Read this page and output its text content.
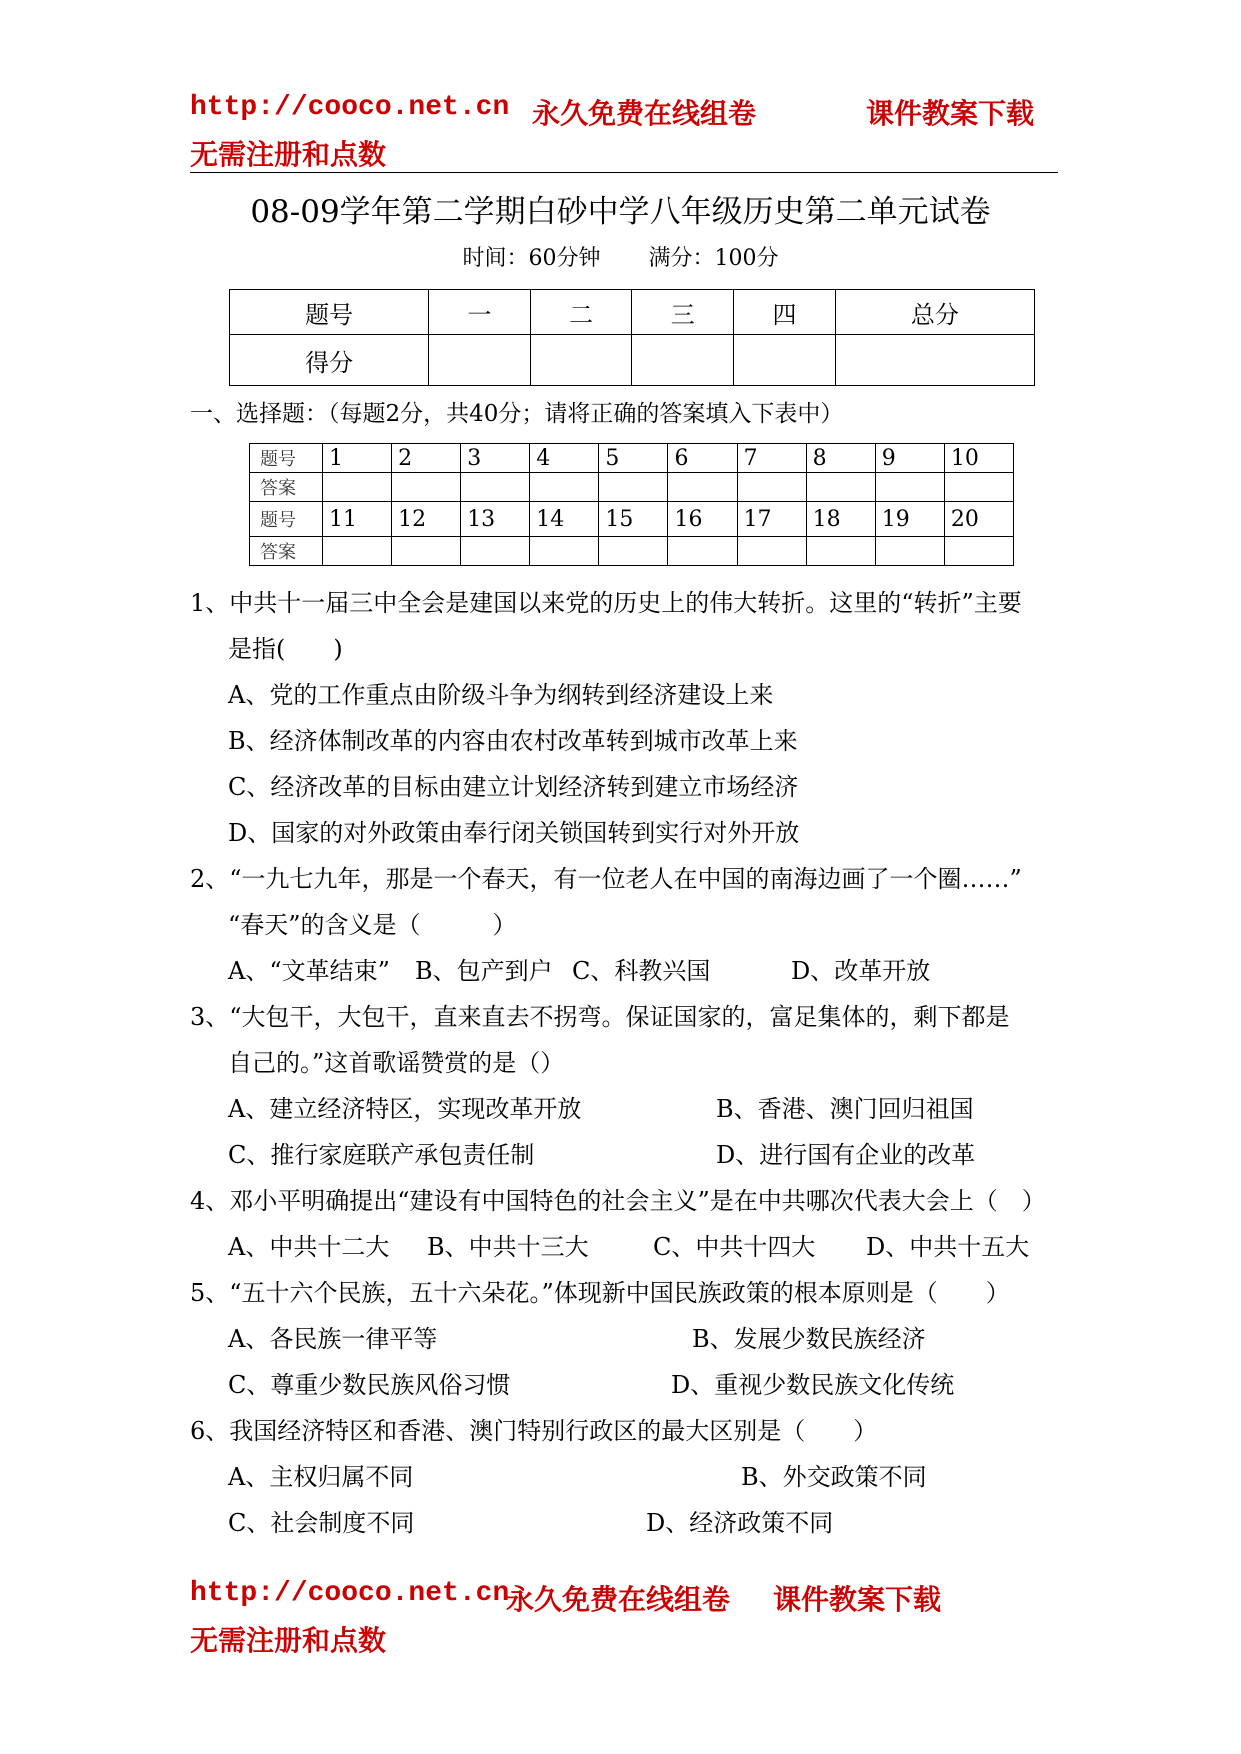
http://cooco.net.cn 永久免费在线组卷	课件教案下载
无需注册和点数
08-09学年第二学期白砂中学八年级历史第二单元试卷
时间：60分钟 满分：100分
题号	一	二	三	四	总分
得分					
一、选择题：（每题2分，共40分；请将正确的答案填入下表中）
题号	1	2	3	4	5	6	7	8	9	10
答案										
题号	11	12	13	14	15	16	17	18	19	20
答案										
1、中共十一届三中全会是建国以来党的历史上的伟大转折。这里的“转折”主要
是指(　　)
A、党的工作重点由阶级斗争为纲转到经济建设上来
B、经济体制改革的内容由农村改革转到城市改革上来
C、经济改革的目标由建立计划经济转到建立市场经济
D、国家的对外政策由奉行闭关锁国转到实行对外开放
2、“一九七九年，那是一个春天，有一位老人在中国的南海边画了一个圈……”
“春天”的含义是（　　　）
A、“文革结束” B、包产到户 C、科教兴国	D、改革开放
3、“大包干，大包干，直来直去不拐弯。保证国家的，富足集体的，剩下都是
自己的。”这首歌谣赞赏的是（）
A、建立经济特区，实现改革开放	B、香港、澳门回归祖国
C、推行家庭联产承包责任制	D、进行国有企业的改革
4、邓小平明确提出“建设有中国特色的社会主义”是在中共哪次代表大会上（　）
A、中共十二大 B、中共十三大	C、中共十四大 D、中共十五大
5、“五十六个民族，五十六朵花。”体现新中国民族政策的根本原则是（　　）
A、各民族一律平等	B、发展少数民族经济
C、尊重少数民族风俗习惯	D、重视少数民族文化传统
6、我国经济特区和香港、澳门特别行政区的最大区别是（　　）
A、主权归属不同	B、外交政策不同
C、社会制度不同	D、经济政策不同
http://cooco.net.cn
永久免费在线组卷 课件教案下载
无需注册和点数
